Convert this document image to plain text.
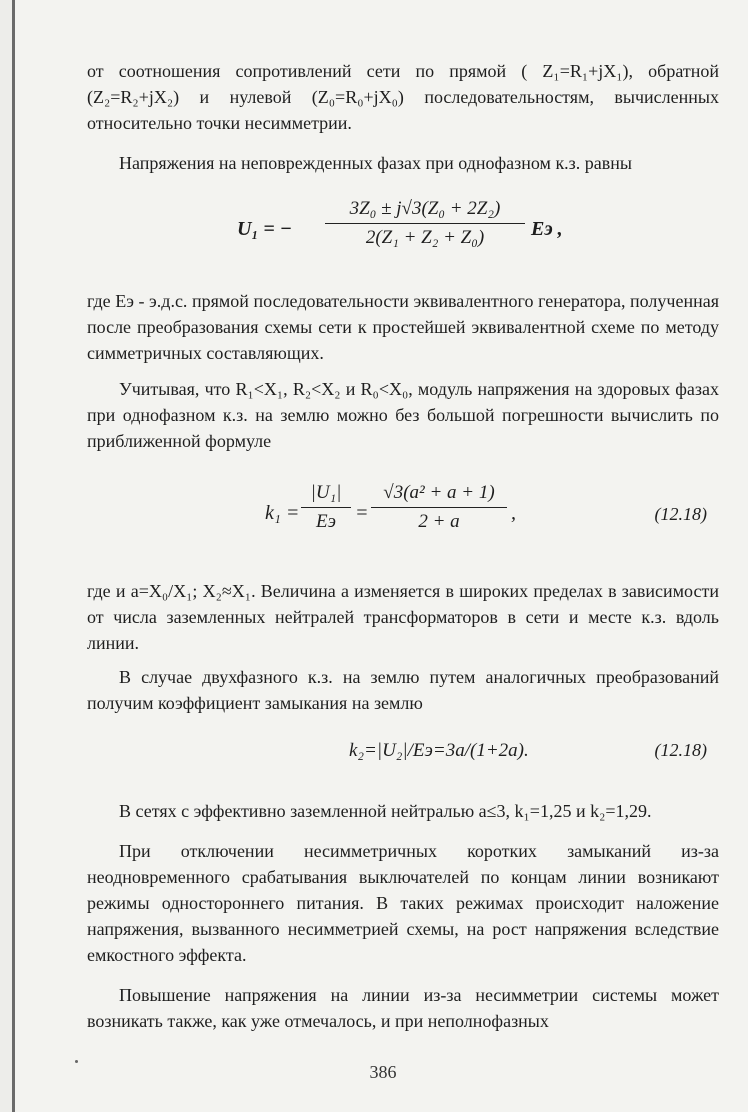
от соотношения сопротивлений сети по прямой ( Z₁=R₁+jX₁), обратной (Z₂=R₂+jX₂) и нулевой (Z₀=R₀+jX₀) последовательностям, вычисленных относительно точки несимметрии.

Напряжения на неповрежденных фазах при однофазном к.з. равны

U₁ = −
3Z₀ ± j√3(Z₀ + 2Z₂)
2(Z₁ + Z₂ + Z₀)	Eэ ,

где Eэ - э.д.с. прямой последовательности эквивалентного генератора, полученная после преобразования схемы сети к простейшей эквивалентной схеме по методу симметричных составляющих.

Учитывая, что R₁<X₁, R₂<X₂ и R₀<X₀, модуль напряжения на здоровых фазах при однофазном к.з. на землю можно без большой погрешности вычислить по приближенной формуле

k₁ =
|U₁|
Eэ =
√3(a² + a + 1)
2 + a	,	(12.18)

где и a=X₀/X₁; X₂≈X₁. Величина a изменяется в широких пределах в зависимости от числа заземленных нейтралей трансформаторов в сети и месте к.з. вдоль линии.

В случае двухфазного к.з. на землю путем аналогичных преобразований получим коэффициент замыкания на землю

k₂=|U₂|/Eэ=3a/(1+2a).	(12.18)

В сетях с эффективно заземленной нейтралью a≤3, k₁=1,25 и k₂=1,29.

При отключении несимметричных коротких замыканий из-за неодновременного срабатывания выключателей по концам линии возникают режимы одностороннего питания. В таких режимах происходит наложение напряжения, вызванного несимметрией схемы, на рост напряжения вследствие емкостного эффекта.

Повышение напряжения на линии из-за несимметрии системы может возникать также, как уже отмечалось, и при неполнофазных

386
